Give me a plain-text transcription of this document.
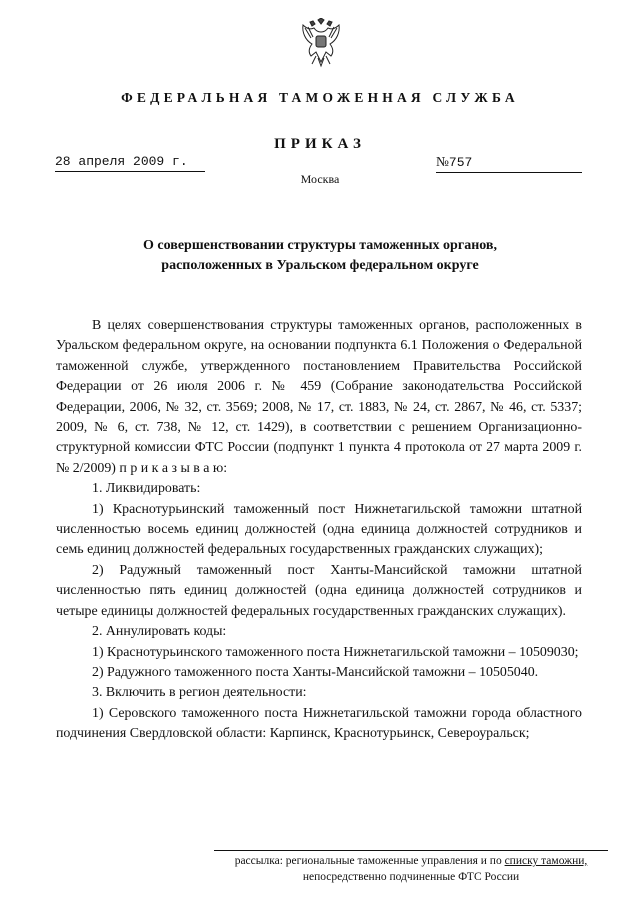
ФЕДЕРАЛЬНАЯ ТАМОЖЕННАЯ СЛУЖБА
ПРИКАЗ
28 апреля 2009 г.	№757
Москва
О совершенствовании структуры таможенных органов,
расположенных в Уральском федеральном округе

В целях совершенствования структуры таможенных органов, расположенных в Уральском федеральном округе, на основании подпункта 6.1 Положения о Федеральной таможенной службе, утвержденного постановлением Правительства Российской Федерации от 26 июля 2006 г. № 459 (Собрание законодательства Российской Федерации, 2006, № 32, ст. 3569; 2008, № 17, ст. 1883, № 24, ст. 2867, № 46, ст. 5337; 2009, № 6, ст. 738, № 12, ст. 1429), в соответствии с решением Организационно-структурной комиссии ФТС России (подпункт 1 пункта 4 протокола от 27 марта 2009 г. № 2/2009) п р и к а з ы в а ю:

1. Ликвидировать:

1) Краснотурьинский таможенный пост Нижнетагильской таможни штатной численностью восемь единиц должностей (одна единица должностей сотрудников и семь единиц должностей федеральных государственных гражданских служащих);

2) Радужный таможенный пост Ханты-Мансийской таможни штатной численностью пять единиц должностей (одна единица должностей сотрудников и четыре единицы должностей федеральных государственных гражданских служащих).

2. Аннулировать коды:

1) Краснотурьинского таможенного поста Нижнетагильской таможни – 10509030;

2) Радужного таможенного поста Ханты-Мансийской таможни – 10505040.

3. Включить в регион деятельности:

1) Серовского таможенного поста Нижнетагильской таможни города областного подчинения Свердловской области: Карпинск, Краснотурьинск, Североуральск;

рассылка: региональные таможенные управления и по списку таможни,
непосредственно подчиненные ФТС России
